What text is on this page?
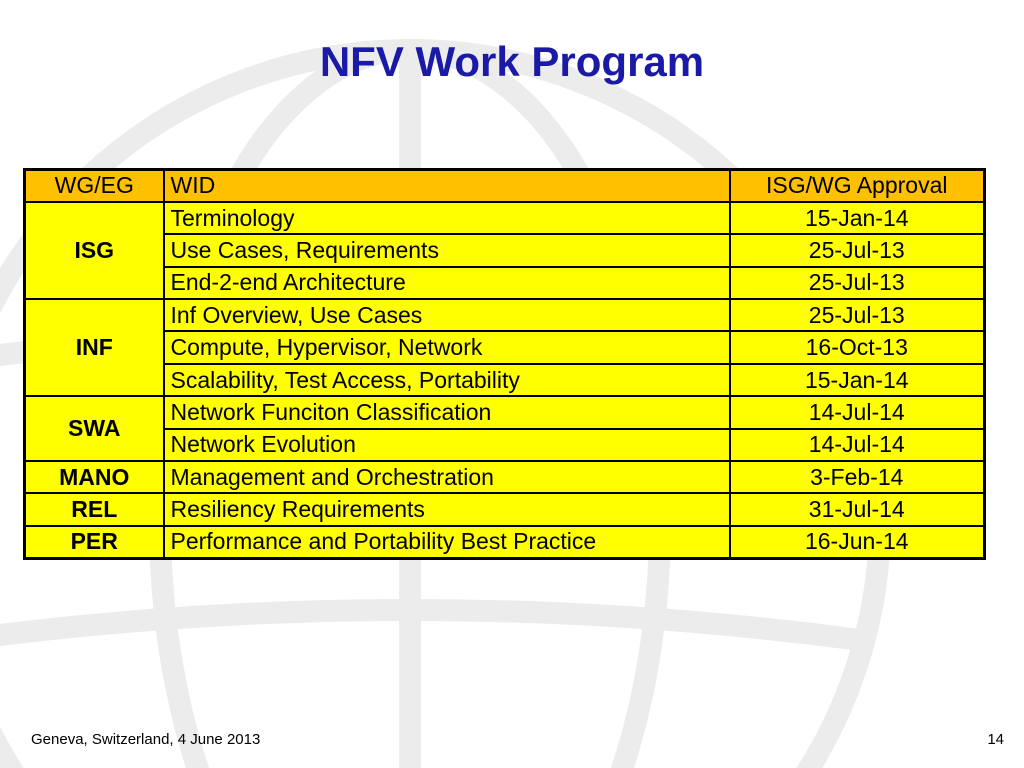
NFV Work Program
WG/EG	WID	ISG/WG Approval
ISG	Terminology	15-Jan-14
	Use Cases, Requirements	25-Jul-13
	End-2-end Architecture	25-Jul-13
INF	Inf Overview, Use Cases	25-Jul-13
	Compute, Hypervisor, Network	16-Oct-13
	Scalability, Test Access, Portability	15-Jan-14
SWA	Network Funciton Classification	14-Jul-14
	Network Evolution	14-Jul-14
MANO	Management and Orchestration	3-Feb-14
REL	Resiliency Requirements	31-Jul-14
PER	Performance and Portability Best Practice	16-Jun-14
Geneva, Switzerland, 4 June 2013	14
